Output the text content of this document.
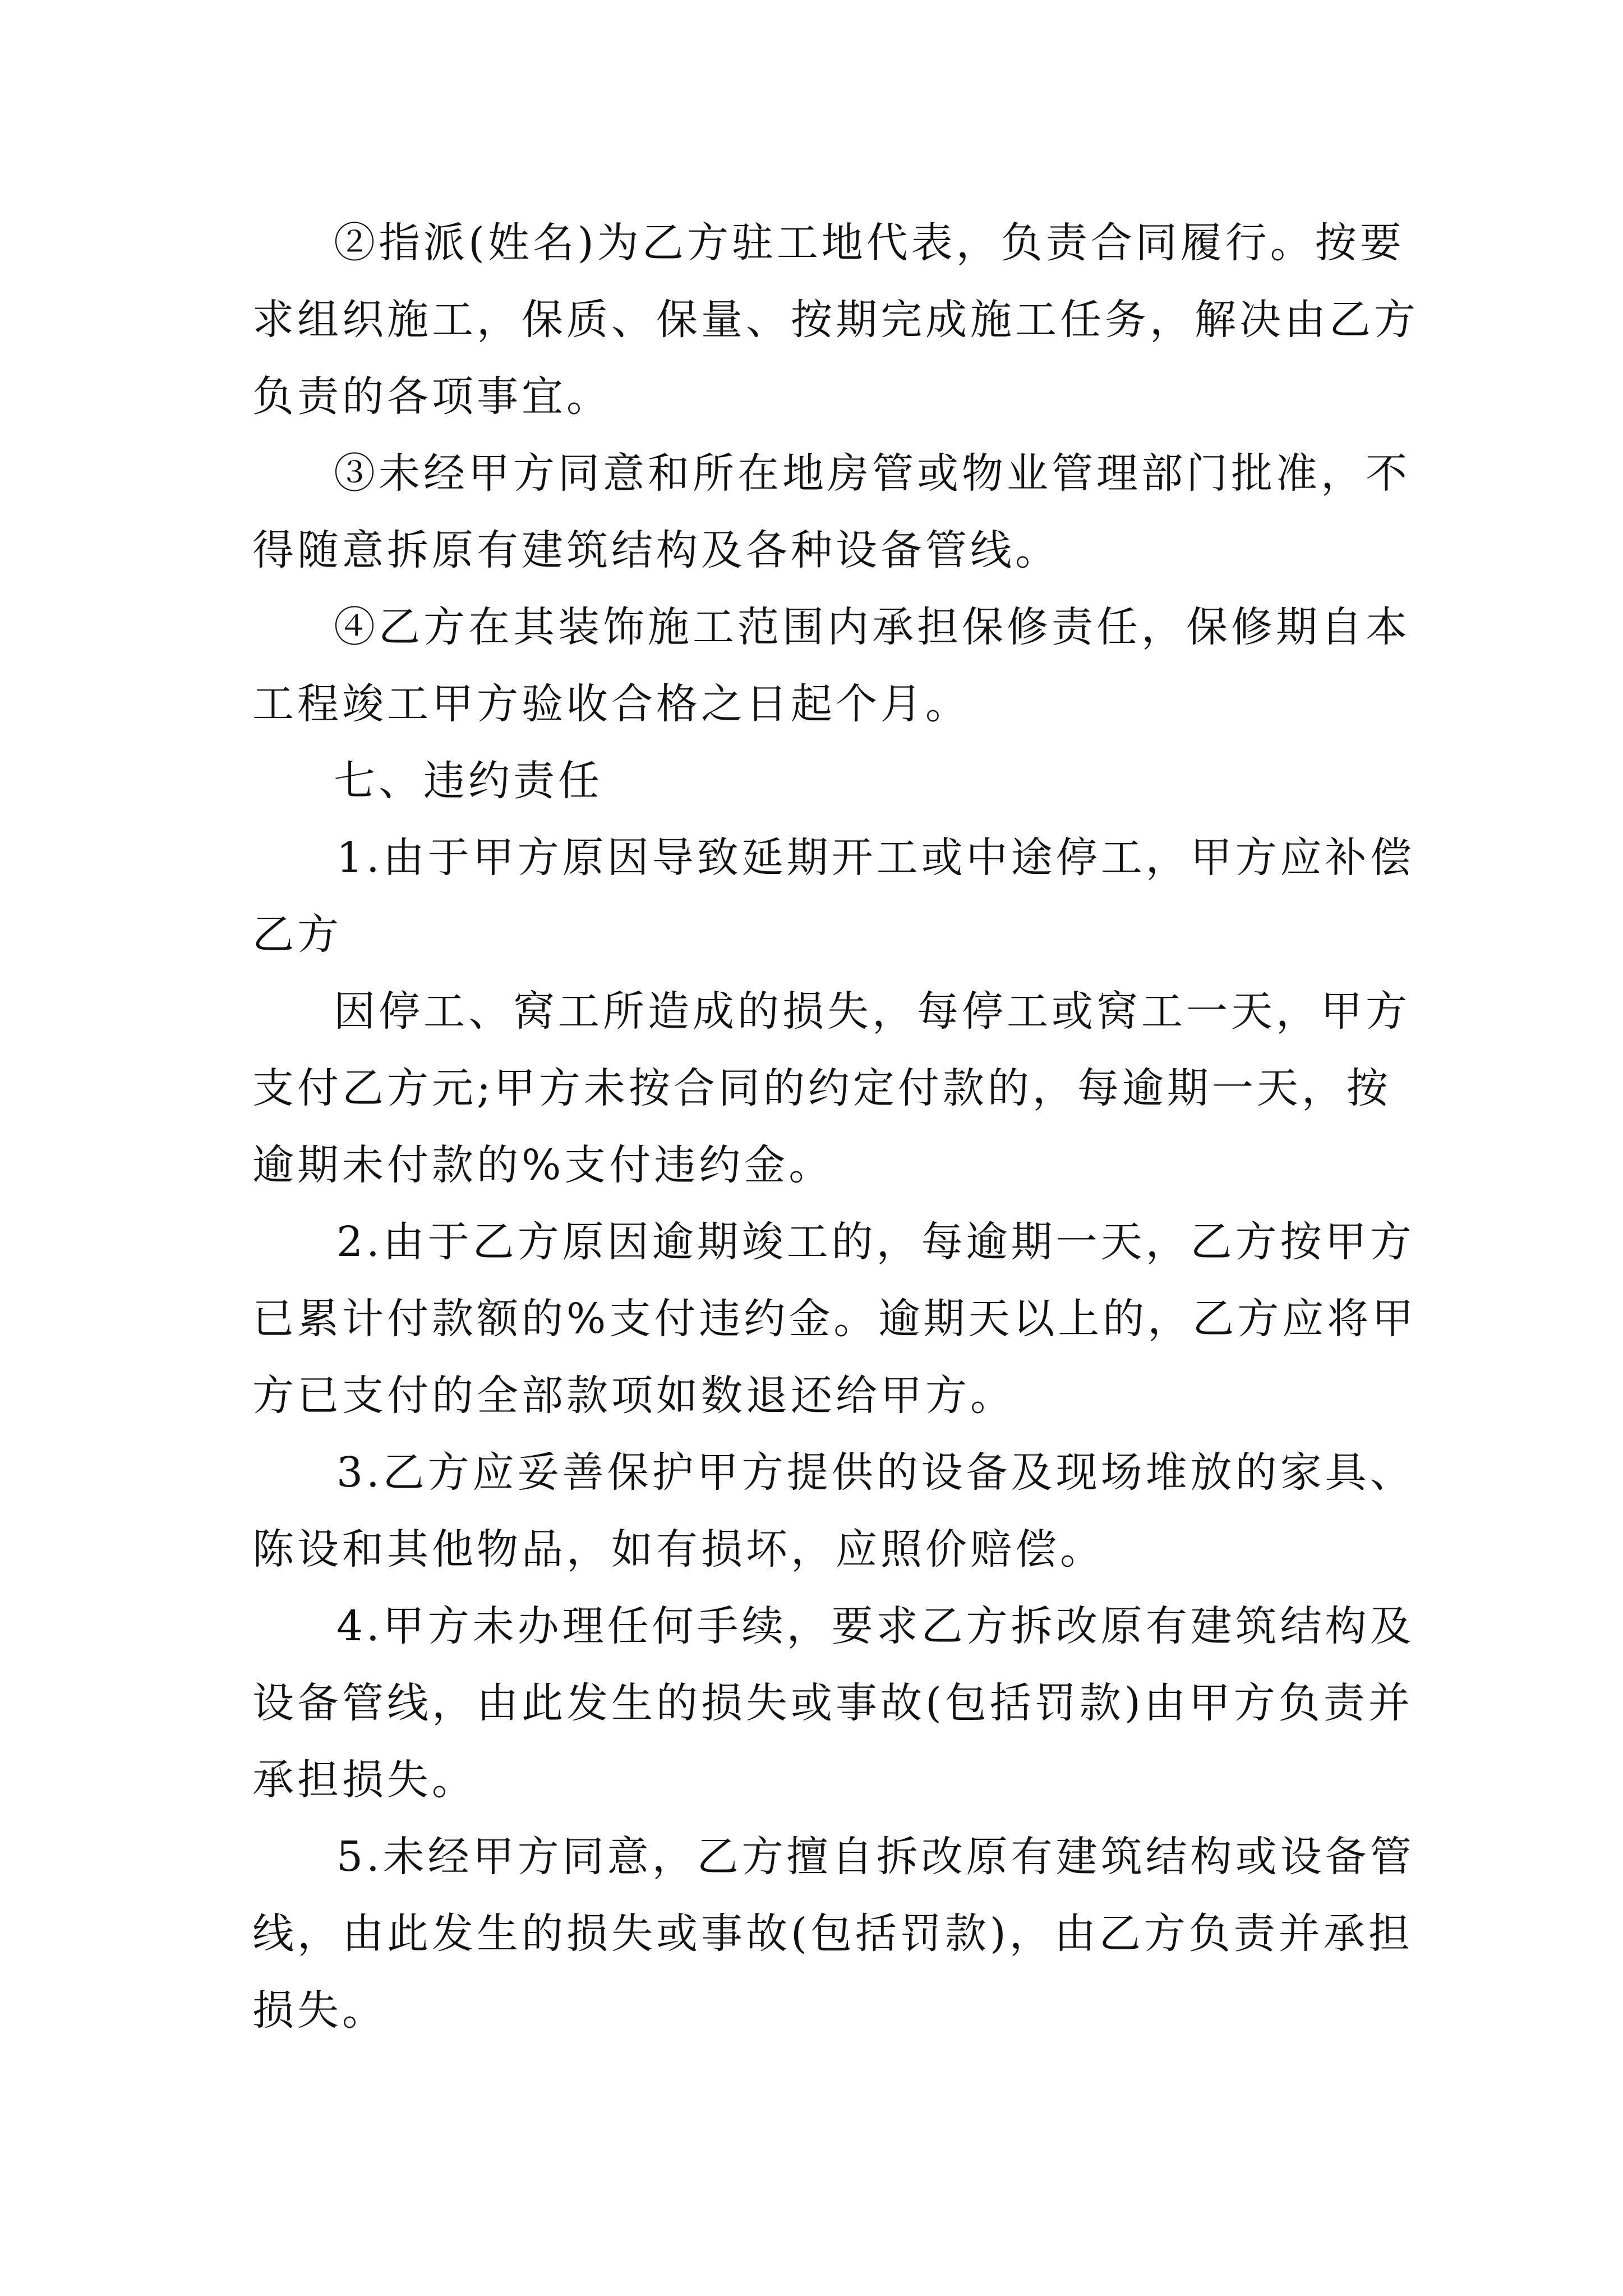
②指派(姓名)为乙方驻工地代表，负责合同履行。按要
求组织施工，保质、保量、按期完成施工任务，解决由乙方
负责的各项事宜。
③未经甲方同意和所在地房管或物业管理部门批准，不
得随意拆原有建筑结构及各种设备管线。
④乙方在其装饰施工范围内承担保修责任，保修期自本
工程竣工甲方验收合格之日起个月。
七、违约责任
1.由于甲方原因导致延期开工或中途停工，甲方应补偿
乙方
因停工、窝工所造成的损失，每停工或窝工一天，甲方
支付乙方元;甲方未按合同的约定付款的，每逾期一天，按
逾期未付款的%支付违约金。
2.由于乙方原因逾期竣工的，每逾期一天，乙方按甲方
已累计付款额的%支付违约金。逾期天以上的，乙方应将甲
方已支付的全部款项如数退还给甲方。
3.乙方应妥善保护甲方提供的设备及现场堆放的家具、
陈设和其他物品，如有损坏，应照价赔偿。
4.甲方未办理任何手续，要求乙方拆改原有建筑结构及
设备管线，由此发生的损失或事故(包括罚款)由甲方负责并
承担损失。
5.未经甲方同意，乙方擅自拆改原有建筑结构或设备管
线，由此发生的损失或事故(包括罚款)，由乙方负责并承担
损失。
